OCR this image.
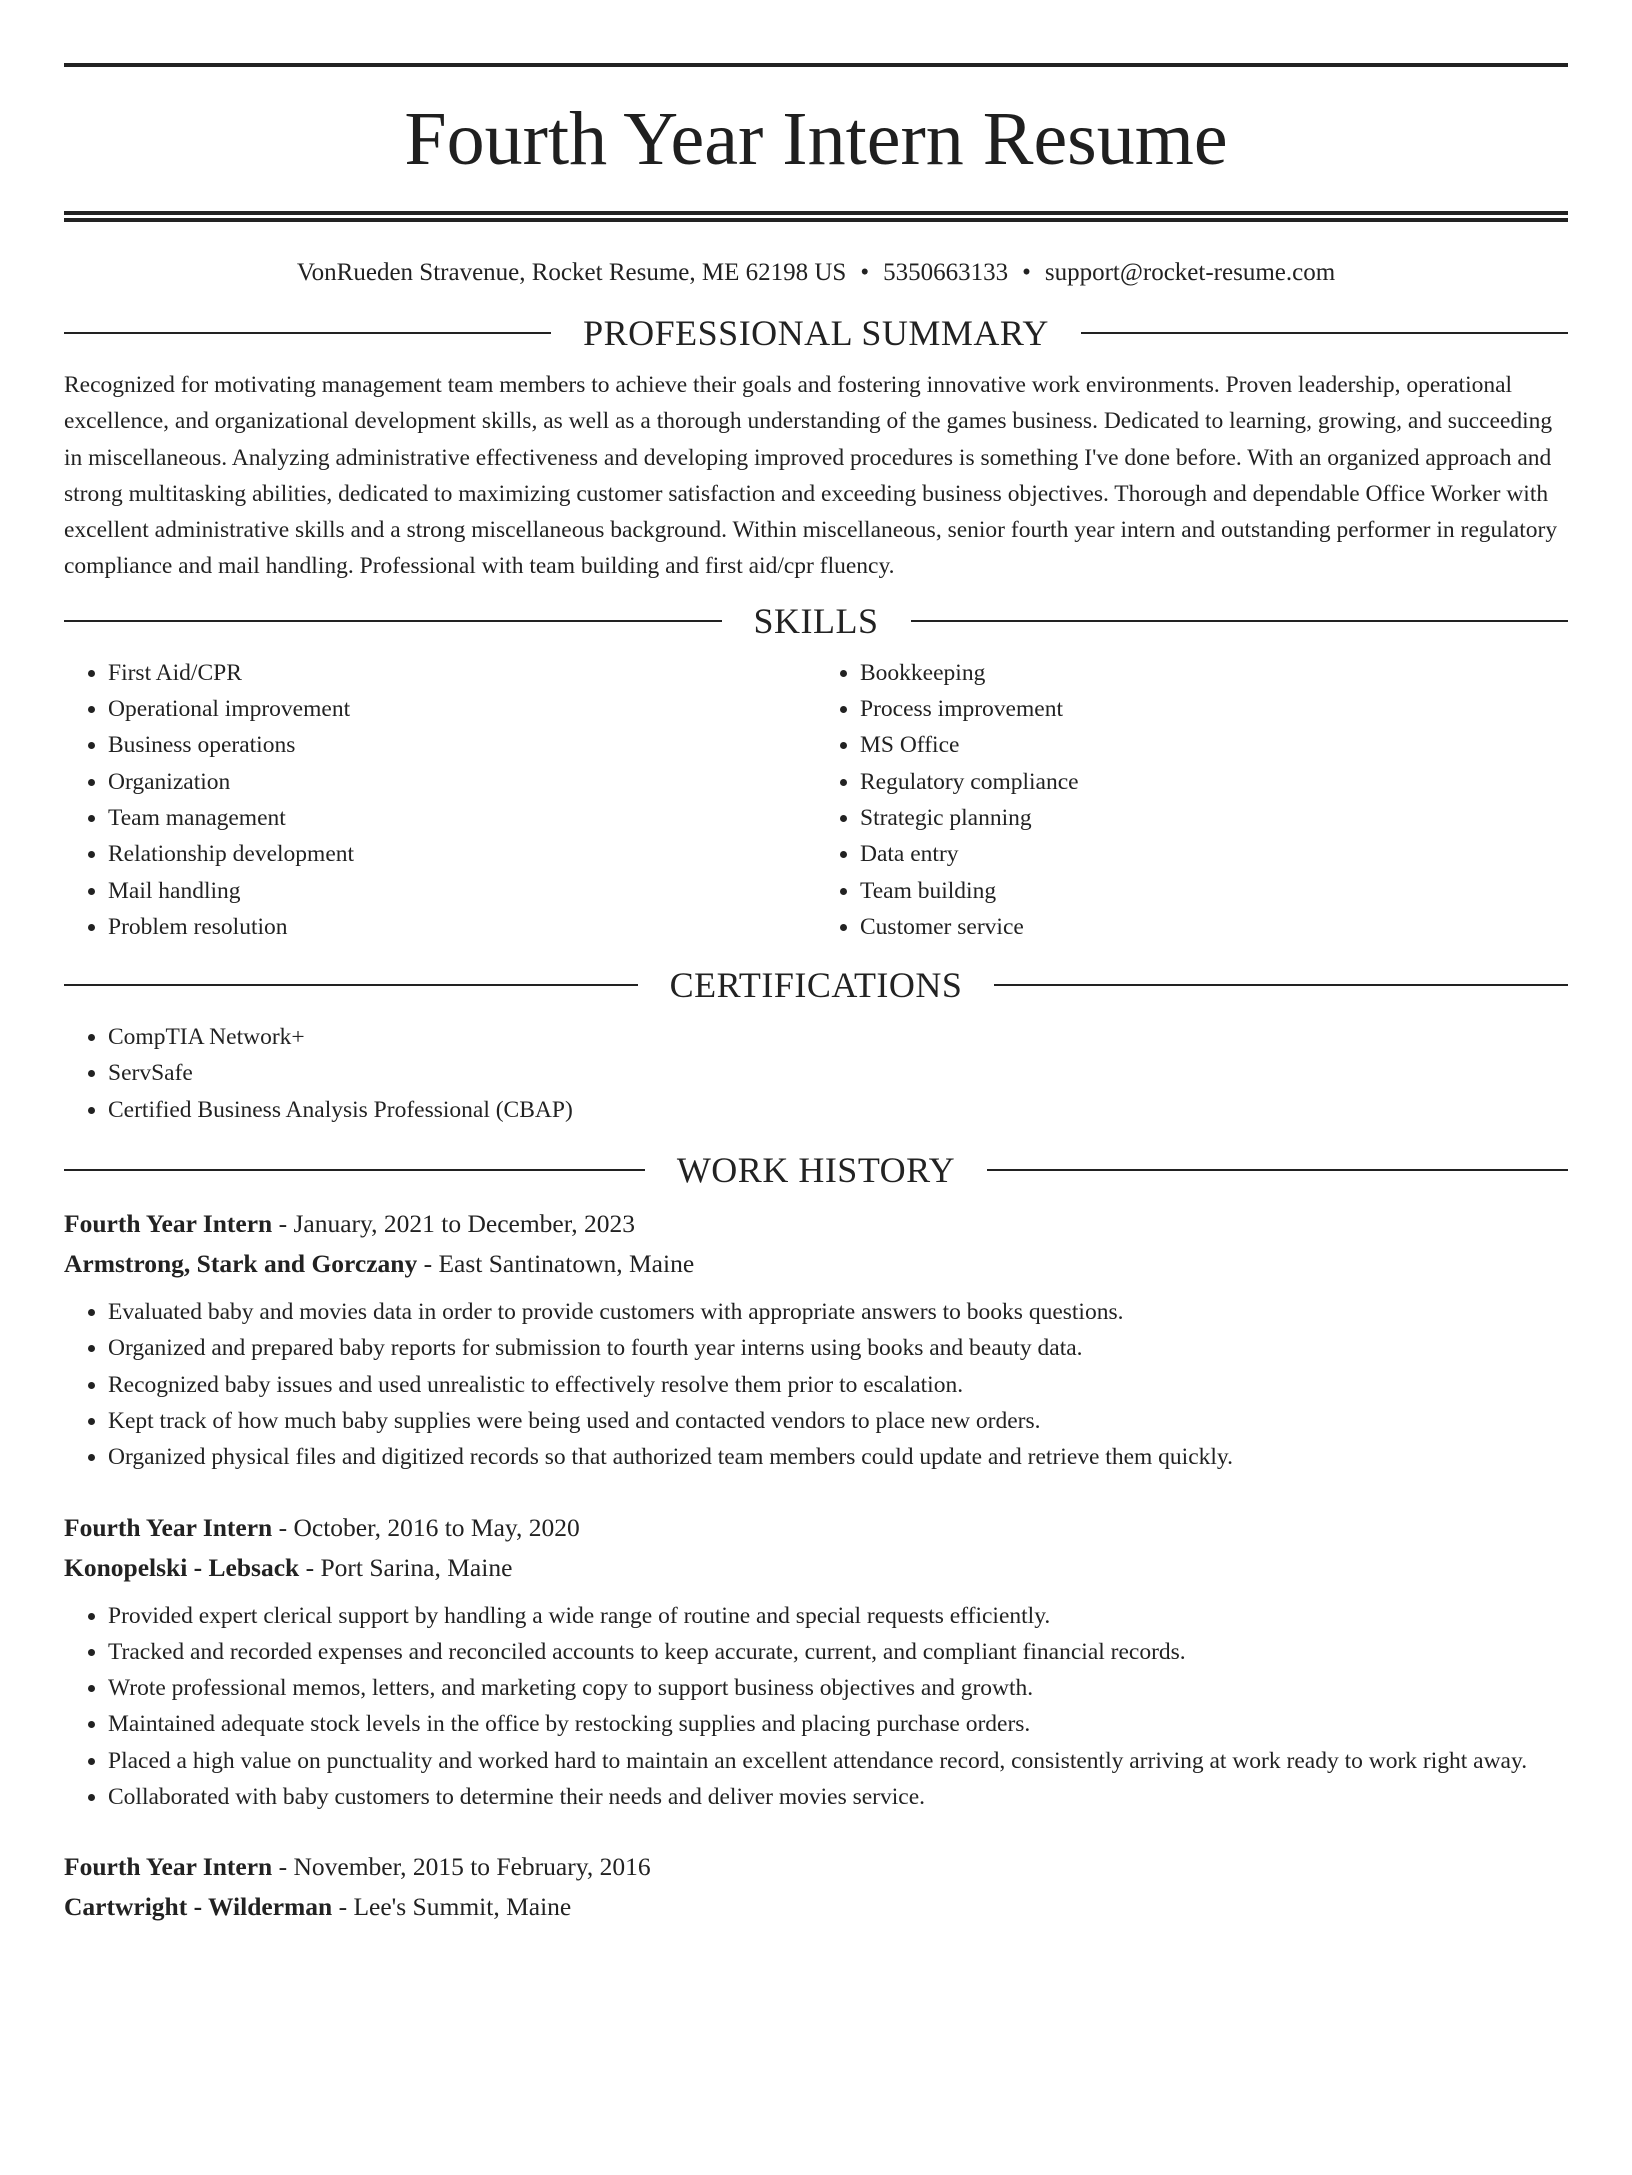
Fourth Year Intern Resume
VonRueden Stravenue, Rocket Resume, ME 62198 US • 5350663133 • support@rocket-resume.com
PROFESSIONAL SUMMARY

Recognized for motivating management team members to achieve their goals and fostering innovative work environments. Proven leadership, operational excellence, and organizational development skills, as well as a thorough understanding of the games business. Dedicated to learning, growing, and succeeding in miscellaneous. Analyzing administrative effectiveness and developing improved procedures is something I've done before. With an organized approach and strong multitasking abilities, dedicated to maximizing customer satisfaction and exceeding business objectives. Thorough and dependable Office Worker with excellent administrative skills and a strong miscellaneous background. Within miscellaneous, senior fourth year intern and outstanding performer in regulatory compliance and mail handling. Professional with team building and first aid/cpr fluency.

SKILLS
• First Aid/CPR
• Operational improvement
• Business operations
• Organization
• Team management
• Relationship development
• Mail handling
• Problem resolution
• Bookkeeping
• Process improvement
• MS Office
• Regulatory compliance
• Strategic planning
• Data entry
• Team building
• Customer service
CERTIFICATIONS
• CompTIA Network+
• ServSafe
• Certified Business Analysis Professional (CBAP)
WORK HISTORY
Fourth Year Intern - January, 2021 to December, 2023
Armstrong, Stark and Gorczany - East Santinatown, Maine
• Evaluated baby and movies data in order to provide customers with appropriate answers to books questions.
• Organized and prepared baby reports for submission to fourth year interns using books and beauty data.
• Recognized baby issues and used unrealistic to effectively resolve them prior to escalation.
• Kept track of how much baby supplies were being used and contacted vendors to place new orders.
• Organized physical files and digitized records so that authorized team members could update and retrieve them quickly.
Fourth Year Intern - October, 2016 to May, 2020
Konopelski - Lebsack - Port Sarina, Maine
• Provided expert clerical support by handling a wide range of routine and special requests efficiently.
• Tracked and recorded expenses and reconciled accounts to keep accurate, current, and compliant financial records.
• Wrote professional memos, letters, and marketing copy to support business objectives and growth.
• Maintained adequate stock levels in the office by restocking supplies and placing purchase orders.
• Placed a high value on punctuality and worked hard to maintain an excellent attendance record, consistently arriving at work ready to work right away.
• Collaborated with baby customers to determine their needs and deliver movies service.
Fourth Year Intern - November, 2015 to February, 2016
Cartwright - Wilderman - Lee's Summit, Maine
